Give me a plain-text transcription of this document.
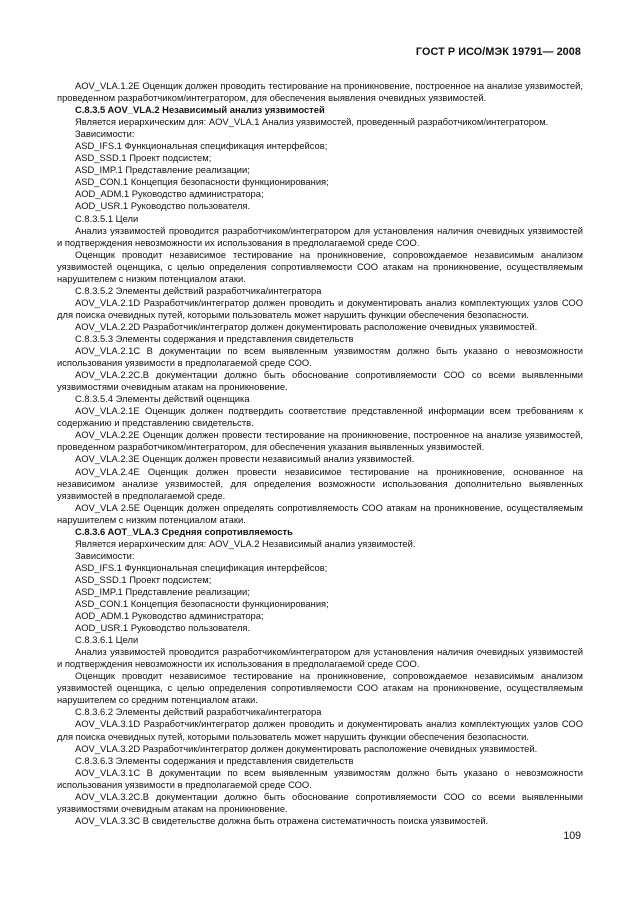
ГОСТ Р ИСО/МЭК 19791— 2008
AOV_VLA.1.2E Оценщик должен проводить тестирование на проникновение, построенное на анализе уязвимостей, проведенном разработчиком/интегратором, для обеспечения выявления очевидных уязвимостей.
C.8.3.5 AOV_VLA.2 Независимый анализ уязвимостей
Является иерархическим для: AOV_VLA.1 Анализ уязвимостей, проведенный разработчиком/интегратором.
Зависимости:
ASD_IFS.1 Функциональная спецификация интерфейсов;
ASD_SSD.1 Проект подсистем;
ASD_IMP.1 Представление реализации;
ASD_CON.1 Концепция безопасности функционирования;
AOD_ADM.1 Руководство администратора;
AOD_USR.1 Руководство пользователя.
C.8.3.5.1 Цели
Анализ уязвимостей проводится разработчиком/интегратором для установления наличия очевидных уязвимостей и подтверждения невозможности их использования в предполагаемой среде СОО.
Оценщик проводит независимое тестирование на проникновение, сопровождаемое независимым анализом уязвимостей оценщика, с целью определения сопротивляемости СОО атакам на проникновение, осуществляемым нарушителем с низким потенциалом атаки.
C.8.3.5.2 Элементы действий разработчика/интегратора
AOV_VLA.2.1D Разработчик/интегратор должен проводить и документировать анализ комплектующих узлов СОО для поиска очевидных путей, которыми пользователь может нарушить функции обеспечения безопасности.
AOV_VLA.2.2D Разработчик/интегратор должен документировать расположение очевидных уязвимостей.
C.8.3.5.3 Элементы содержания и представления свидетельств
AOV_VLA.2.1C В документации по всем выявленным уязвимостям должно быть указано о невозможности использования уязвимости в предполагаемой среде СОО.
AOV_VLA.2.2C.В документации должно быть обоснование сопротивляемости СОО со всеми выявленными уязвимостями очевидным атакам на проникновение.
C.8.3.5.4 Элементы действий оценщика
AOV_VLA.2.1E Оценщик должен подтвердить соответствие представленной информации всем требованиям к содержанию и представлению свидетельств.
AOV_VLA.2.2E Оценщик должен провести тестирование на проникновение, построенное на анализе уязвимостей, проведенном разработчиком/интегратором, для обеспечения указания выявленных уязвимостей.
AOV_VLA.2.3E Оценщик должен провести независимый анализ уязвимостей.
AOV_VLA.2.4E Оценщик должен провести независимое тестирование на проникновение, основанное на независимом анализе уязвимостей, для определения возможности использования дополнительно выявленных уязвимостей в предполагаемой среде.
AOV_VLA 2.5E Оценщик должен определять сопротивляемость СОО атакам на проникновение, осуществляемым нарушителем с низким потенциалом атаки.
C.8.3.6 AOT_VLA.3 Средняя сопротивляемость
Является иерархическим для: AOV_VLA.2 Независимый анализ уязвимостей.
Зависимости:
ASD_IFS.1 Функциональная спецификация интерфейсов;
ASD_SSD.1 Проект подсистем;
ASD_IMP.1 Представление реализации;
ASD_CON.1 Концепция безопасности функционирования;
AOD_ADM.1 Руководство администратора;
AOD_USR.1 Руководство пользователя.
C.8.3.6.1 Цели
Анализ уязвимостей проводится разработчиком/интегратором для установления наличия очевидных уязвимостей и подтверждения невозможности их использования в предполагаемой среде СОО.
Оценщик проводит независимое тестирование на проникновение, сопровождаемое независимым анализом уязвимостей оценщика, с целью определения сопротивляемости СОО атакам на проникновение, осуществляемым нарушителем со средним потенциалом атаки.
C.8.3.6.2 Элементы действий разработчика/интегратора
AOV_VLA.3.1D Разработчик/интегратор должен проводить и документировать анализ комплектующих узлов СОО для поиска очевидных путей, которыми пользователь может нарушить функции обеспечения безопасности.
AOV_VLA.3.2D Разработчик/интегратор должен документировать расположение очевидных уязвимостей.
C.8.3.6.3 Элементы содержания и представления свидетельств
AOV_VLA.3.1C В документации по всем выявленным уязвимостям должно быть указано о невозможности использования уязвимости в предполагаемой среде СОО.
AOV_VLA.3.2C.В документации должно быть обоснование сопротивляемости СОО со всеми выявленными уязвимостями очевидным атакам на проникновение.
AOV_VLA.3.3C В свидетельстве должна быть отражена систематичность поиска уязвимостей.
109
